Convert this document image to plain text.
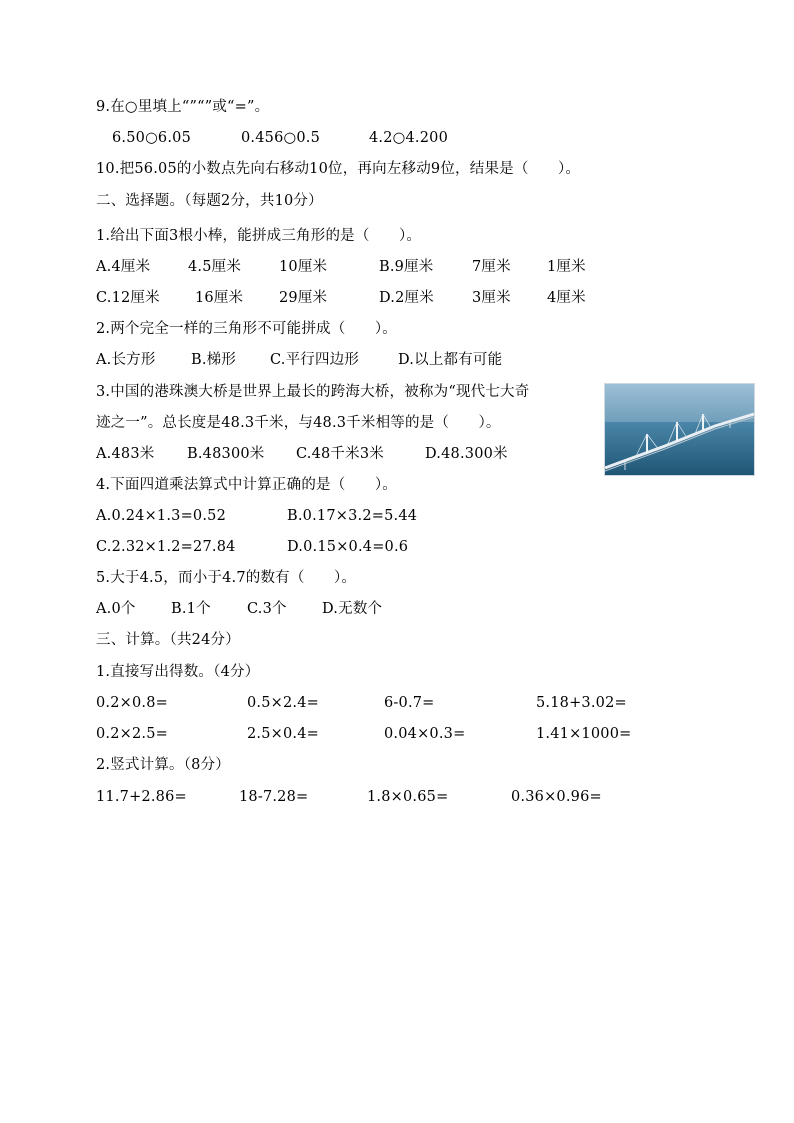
9.在○里填上“”“”或“=”。
6.50○6.05	0.456○0.5	4.2○4.200
10.把56.05的小数点先向右移动10位，再向左移动9位，结果是（　　）。
二、选择题。（每题2分，共10分）
1.给出下面3根小棒，能拼成三角形的是（　　）。
A.4厘米	4.5厘米	10厘米	B.9厘米	7厘米 1厘米
C.12厘米 16厘米 29厘米	D.2厘米	3厘米 4厘米
2.两个完全一样的三角形不可能拼成（　　）。
A.长方形 B.梯形 C.平行四边形	D.以上都有可能
3.中国的港珠澳大桥是世界上最长的跨海大桥，被称为“现代七大奇
迹之一”。总长度是48.3千米，与48.3千米相等的是（　　）。
A.483米 B.48300米 C.48千米3米	D.48.300米
4.下面四道乘法算式中计算正确的是（　　）。
A.0.24×1.3=0.52	B.0.17×3.2=5.44
C.2.32×1.2=27.84	D.0.15×0.4=0.6
5.大于4.5，而小于4.7的数有（　　）。
A.0个 B.1个 C.3个 D.无数个
三、计算。（共24分）
1.直接写出得数。（4分）
0.2×0.8=	0.5×2.4=	6-0.7=	5.18+3.02=
0.2×2.5=	2.5×0.4=	0.04×0.3=	1.41×1000=
2.竖式计算。（8分）
11.7+2.86=	18-7.28=	1.8×0.65=	0.36×0.96=
